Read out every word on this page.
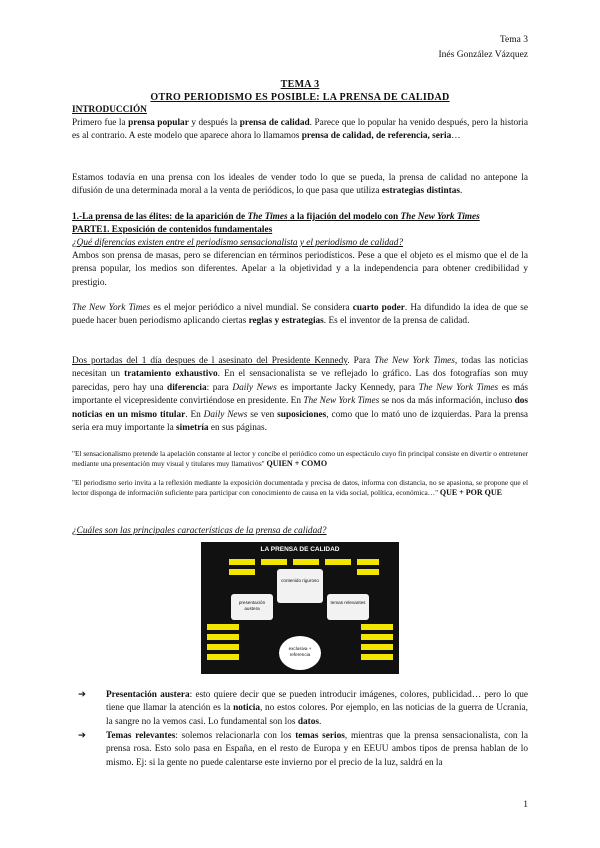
Tema 3
Inés González Vázquez
TEMA 3
OTRO PERIODISMO ES POSIBLE: LA PRENSA DE CALIDAD
INTRODUCCIÓN
Primero fue la prensa popular y después la prensa de calidad. Parece que lo popular ha venido después, pero la historia es al contrario. A este modelo que aparece ahora lo llamamos prensa de calidad, de referencia, seria…
Estamos todavía en una prensa con los ideales de vender todo lo que se pueda, la prensa de calidad no antepone la difusión de una determinada moral a la venta de periódicos, lo que pasa que utiliza estrategias distintas.
1.-La prensa de las élites: de la aparición de The Times a la fijación del modelo con The New York Times
PARTE1. Exposición de contenidos fundamentales
¿Qué diferencias existen entre el periodismo sensacionalista y el periodismo de calidad?
Ambos son prensa de masas, pero se diferencian en términos periodísticos. Pese a que el objeto es el mismo que el de la prensa popular, los medios son diferentes. Apelar a la objetividad y a la independencia para obtener credibilidad y prestigio.
The New York Times es el mejor periódico a nivel mundial. Se considera cuarto poder. Ha difundido la idea de que se puede hacer buen periodismo aplicando ciertas reglas y estrategias. Es el inventor de la prensa de calidad.
Dos portadas del 1 día despues de l asesinato del Presidente Kennedy. Para The New York Times, todas las noticias necesitan un tratamiento exhaustivo. En el sensacionalista se ve reflejado lo gráfico. Las dos fotografías son muy parecidas, pero hay una diferencia: para Daily News es importante Jacky Kennedy, para The New York Times es más importante el vicepresidente convirtiéndose en presidente. En The New York Times se nos da más información, incluso dos noticias en un mismo titular. En Daily News se ven suposiciones, como que lo mató uno de izquierdas. Para la prensa seria era muy importante la simetría en sus páginas.
"El sensacionalismo pretende la apelación constante al lector y concibe el periódico como un espectáculo cuyo fin principal consiste en divertir o entretener mediante una presentación muy visual y titulares muy llamativos" QUIEN + COMO
"El periodismo serio invita a la reflexión mediante la exposición documentada y precisa de datos, informa con distancia, no se apasiona, se propone que el lector disponga de información suficiente para participar con conocimiento de causa en la vida social, política, económica…" QUE + POR QUE
¿Cuáles son las principales características de la prensa de calidad?
LA PRENSA DE CALIDAD
contenido riguroso
presentación austera
temas relevantes
exclusiva + referencia
➔ Presentación austera: esto quiere decir que se pueden introducir imágenes, colores, publicidad… pero lo que tiene que llamar la atención es la noticia, no estos colores. Por ejemplo, en las noticias de la guerra de Ucrania, la sangre no la vemos casi. Lo fundamental son los datos.
➔ Temas relevantes: solemos relacionarla con los temas serios, mientras que la prensa sensacionalista, con la prensa rosa. Esto solo pasa en España, en el resto de Europa y en EEUU ambos tipos de prensa hablan de lo mismo. Ej: si la gente no puede calentarse este invierno por el precio de la luz, saldrá en la
1
